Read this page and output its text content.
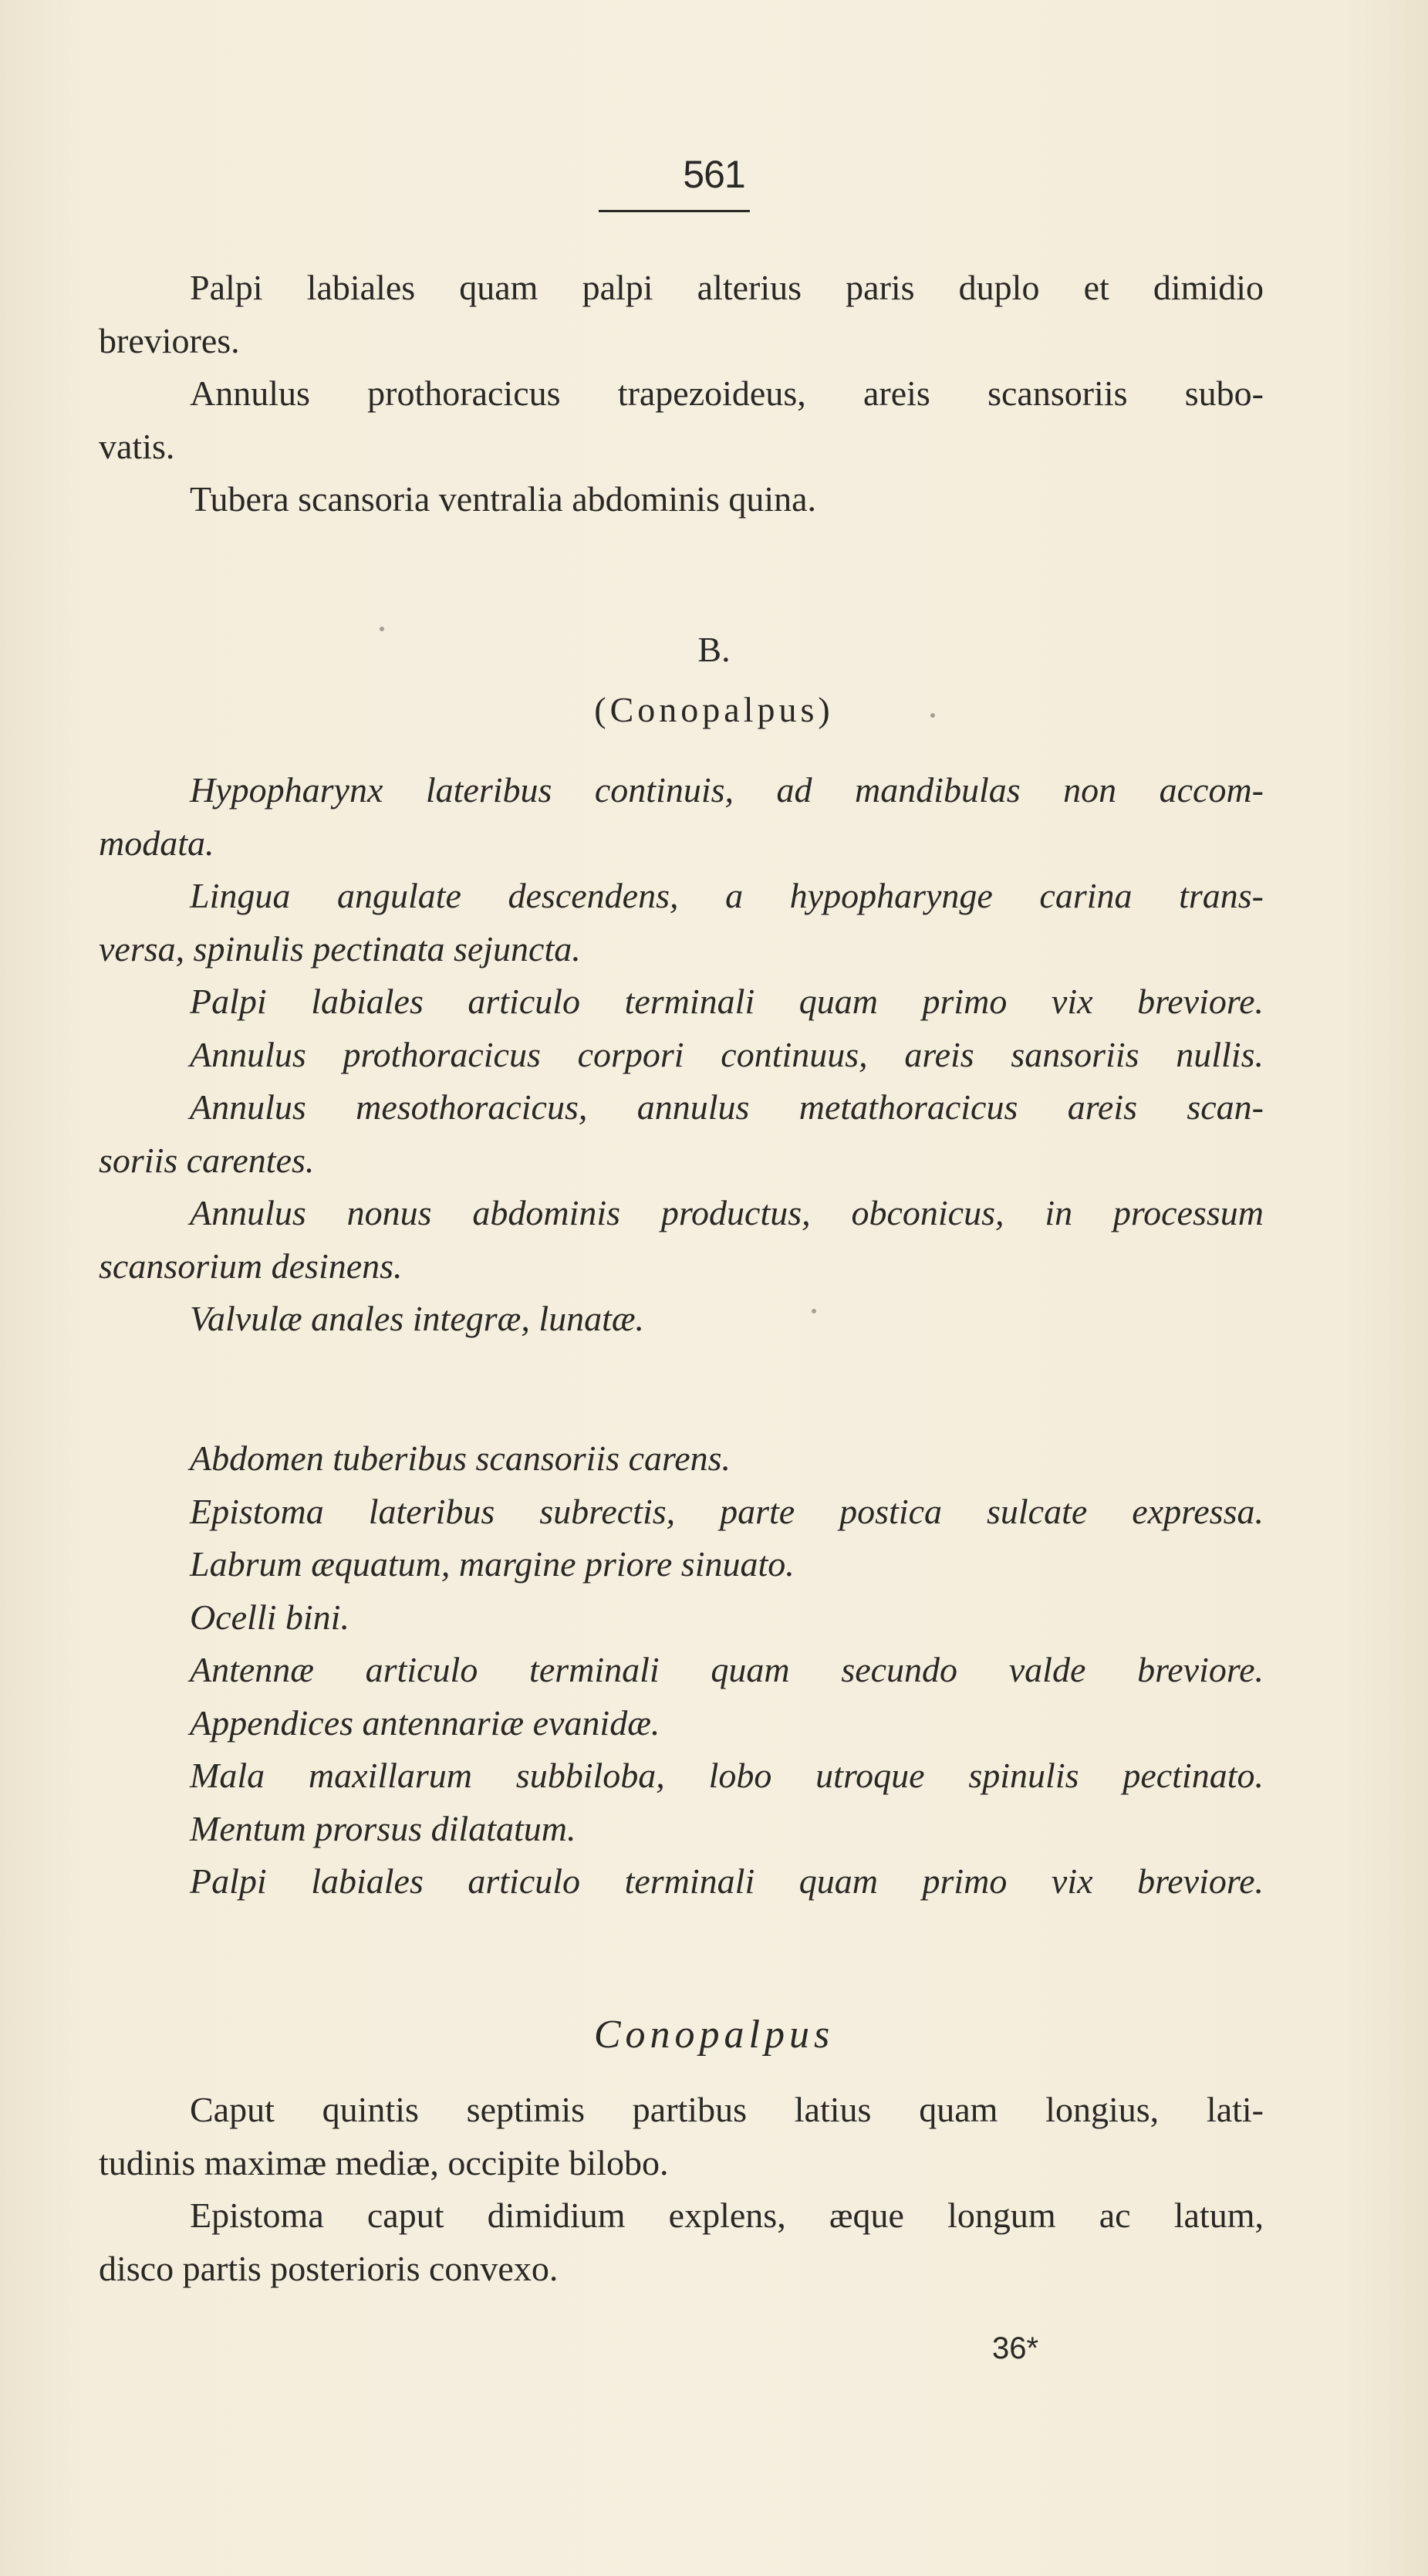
561

Palpi labiales quam palpi alterius paris duplo et dimidio

breviores.

Annulus prothoracicus trapezoideus, areis scansoriis subo-

vatis.

Tubera scansoria ventralia abdominis quina.

B.
(Conopalpus)

Hypopharynx lateribus continuis, ad mandibulas non accom-

modata.

Lingua angulate descendens, a hypopharynge carina trans-

versa, spinulis pectinata sejuncta.

Palpi labiales articulo terminali quam primo vix breviore.

Annulus prothoracicus corpori continuus, areis sansoriis nullis.

Annulus mesothoracicus, annulus metathoracicus areis scan-

soriis carentes.

Annulus nonus abdominis productus, obconicus, in processum

scansorium desinens.

Valvulæ anales integræ, lunatæ.

Abdomen tuberibus scansoriis carens.

Epistoma lateribus subrectis, parte postica sulcate expressa.

Labrum æquatum, margine priore sinuato.

Ocelli bini.

Antennæ articulo terminali quam secundo valde breviore.

Appendices antennariæ evanidæ.

Mala maxillarum subbiloba, lobo utroque spinulis pectinato.

Mentum prorsus dilatatum.

Palpi labiales articulo terminali quam primo vix breviore.

Conopalpus

Caput quintis septimis partibus latius quam longius, lati-

tudinis maximæ mediæ, occipite bilobo.

Epistoma caput dimidium explens, æque longum ac latum,

disco partis posterioris convexo.

36*
